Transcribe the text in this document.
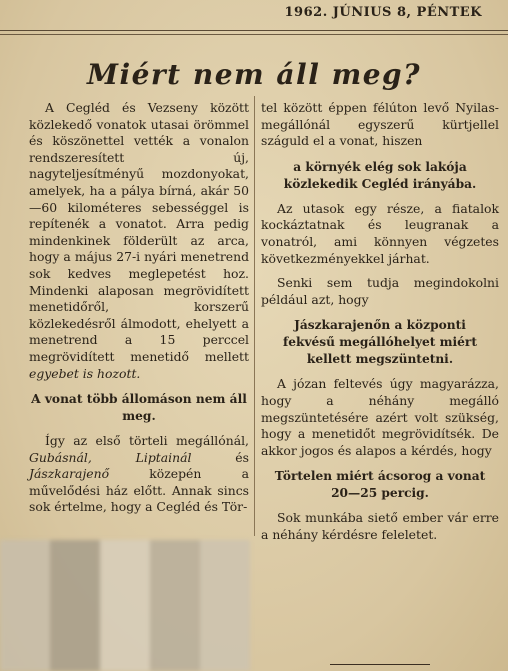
1962. JÚNIUS 8, PÉNTEK
Miért nem áll meg?

A Cegléd és Vezseny között közlekedő vonatok utasai örömmel és köszönettel vették a vonalon rendszeresített új, nagyteljesítményű mozdonyokat, amelyek, ha a pálya bírná, akár 50—60 kilométeres sebességgel is repítenék a vonatot. Arra pedig mindenkinek földerült az arca, hogy a május 27-i nyári menetrend sok kedves meglepetést hoz. Mindenki alaposan megrövidített menetidőről, korszerű közlekedésről álmodott, ehelyett a menetrend a 15 perccel megrövidített menetidő mellett egyebet is hozott.

A vonat több állomáson nem áll meg.

Így az első törteli megállónál, Gubásnál, Liptainál	és Jászkarajenő	közepén a művelődési ház előtt. Annak sincs sok értelme, hogy a Cegléd és Tör-

tel között éppen félúton levő Nyilas-megállónál egyszerű kürtjellel száguld el a vonat, hiszen

a környék elég sok lakója közlekedik Cegléd irányába.

Az utasok egy része, a fiatalok kockáztatnak és leugranak a vonatról, ami könnyen végzetes következményekkel járhat.

Senki sem tudja megindokolni például azt, hogy

Jászkarajenőn a központi fekvésű megállóhelyet miért kellett megszüntetni.

A józan feltevés úgy magyarázza, hogy a néhány megálló megszüntetésére azért volt szükség, hogy a menetidőt megrövidítsék. De akkor jogos és alapos a kérdés, hogy

Törtelen miért ácsorog a vonat 20—25 percig.

Sok munkába siető ember vár erre a néhány kérdésre feleletet.
